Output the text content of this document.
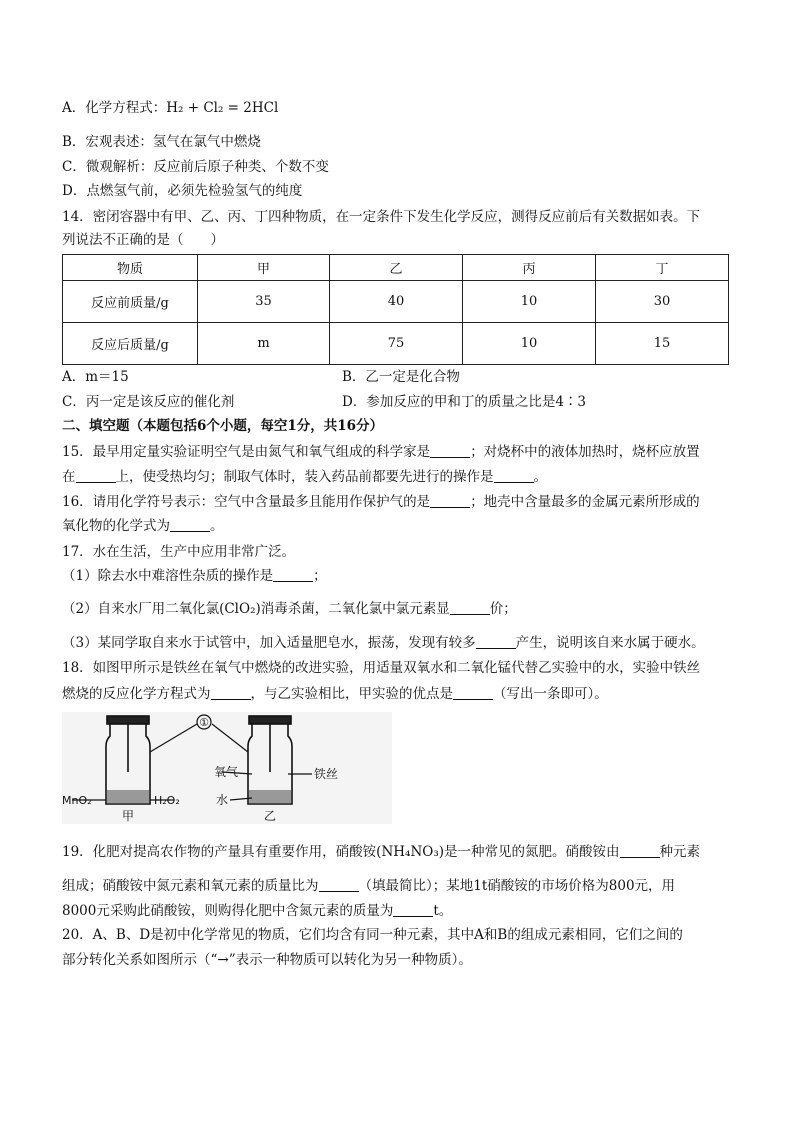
A．化学方程式：H₂ + Cl₂ = 2HCl
B．宏观表述：氢气在氯气中燃烧
C．微观解析：反应前后原子种类、个数不变
D．点燃氢气前，必须先检验氢气的纯度
14．密闭容器中有甲、乙、丙、丁四种物质，在一定条件下发生化学反应，测得反应前后有关数据如表。下
列说法不正确的是（　　）
物质	甲	乙	丙	丁
反应前质量/g	35	40	10	30
反应后质量/g	m	75	10	15
A．m＝15	B．乙一定是化合物
C．丙一定是该反应的催化剂	D．参加反应的甲和丁的质量之比是4∶3
二、填空题（本题包括6个小题，每空1分，共16分）
15．最早用定量实验证明空气是由氮气和氧气组成的科学家是	；对烧杯中的液体加热时，烧杯应放置
在	上，使受热均匀；制取气体时，装入药品前都要先进行的操作是	。
16．请用化学符号表示：空气中含量最多且能用作保护气的是	；地壳中含量最多的金属元素所形成的
氧化物的化学式为	。
17．水在生活，生产中应用非常广泛。
（1）除去水中难溶性杂质的操作是	；
（2）自来水厂用二氧化氯(ClO₂)消毒杀菌，二氧化氯中氯元素显	价；
（3）某同学取自来水于试管中，加入适量肥皂水，振荡，发现有较多	产生，说明该自来水属于硬水。
18．如图甲所示是铁丝在氧气中燃烧的改进实验，用适量双氧水和二氧化锰代替乙实验中的水，实验中铁丝
燃烧的反应化学方程式为	，与乙实验相比，甲实验的优点是	（写出一条即可）。
①
MnO₂	H₂O₂
甲
氧气	铁丝
水
乙
19．化肥对提高农作物的产量具有重要作用，硝酸铵(NH₄NO₃)是一种常见的氮肥。硝酸铵由	种元素
组成；硝酸铵中氮元素和氧元素的质量比为	（填最简比）；某地1t硝酸铵的市场价格为800元，用
8000元采购此硝酸铵，则购得化肥中含氮元素的质量为	t。
20．A、B、D是初中化学常见的物质，它们均含有同一种元素，其中A和B的组成元素相同，它们之间的
部分转化关系如图所示（“→”表示一种物质可以转化为另一种物质）。
